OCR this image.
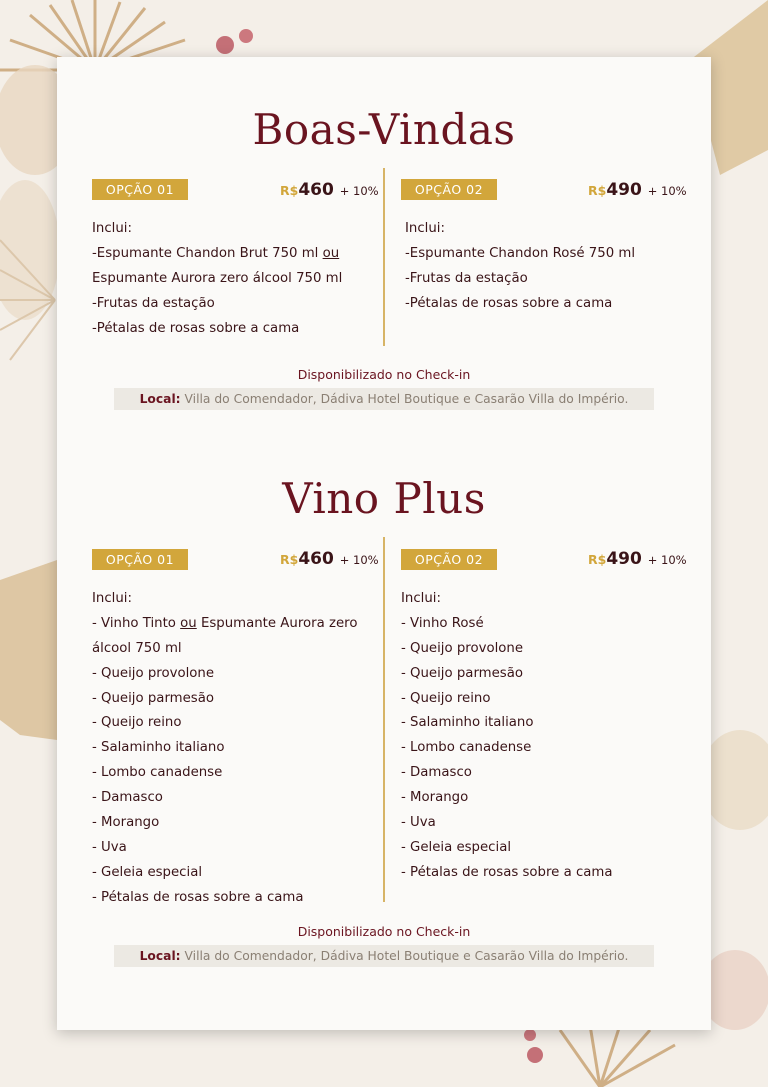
Boas-Vindas
OPÇÃO 01	R$460 + 10%
Inclui:
-Espumante Chandon Brut 750 ml ou
Espumante Aurora zero álcool 750 ml
-Frutas da estação
-Pétalas de rosas sobre a cama
OPÇÃO 02	R$490 + 10%
Inclui:
-Espumante Chandon Rosé 750 ml
-Frutas da estação
-Pétalas de rosas sobre a cama
Disponibilizado no Check-in
Local: Villa do Comendador, Dádiva Hotel Boutique e Casarão Villa do Império.
Vino Plus
OPÇÃO 01	R$460 + 10%
Inclui:
- Vinho Tinto ou Espumante Aurora zero
álcool 750 ml
- Queijo provolone
- Queijo parmesão
- Queijo reino
- Salaminho italiano
- Lombo canadense
- Damasco
- Morango
- Uva
- Geleia especial
- Pétalas de rosas sobre a cama
OPÇÃO 02	R$490 + 10%
Inclui:
- Vinho Rosé
- Queijo provolone
- Queijo parmesão
- Queijo reino
- Salaminho italiano
- Lombo canadense
- Damasco
- Morango
- Uva
- Geleia especial
- Pétalas de rosas sobre a cama
Disponibilizado no Check-in
Local: Villa do Comendador, Dádiva Hotel Boutique e Casarão Villa do Império.
